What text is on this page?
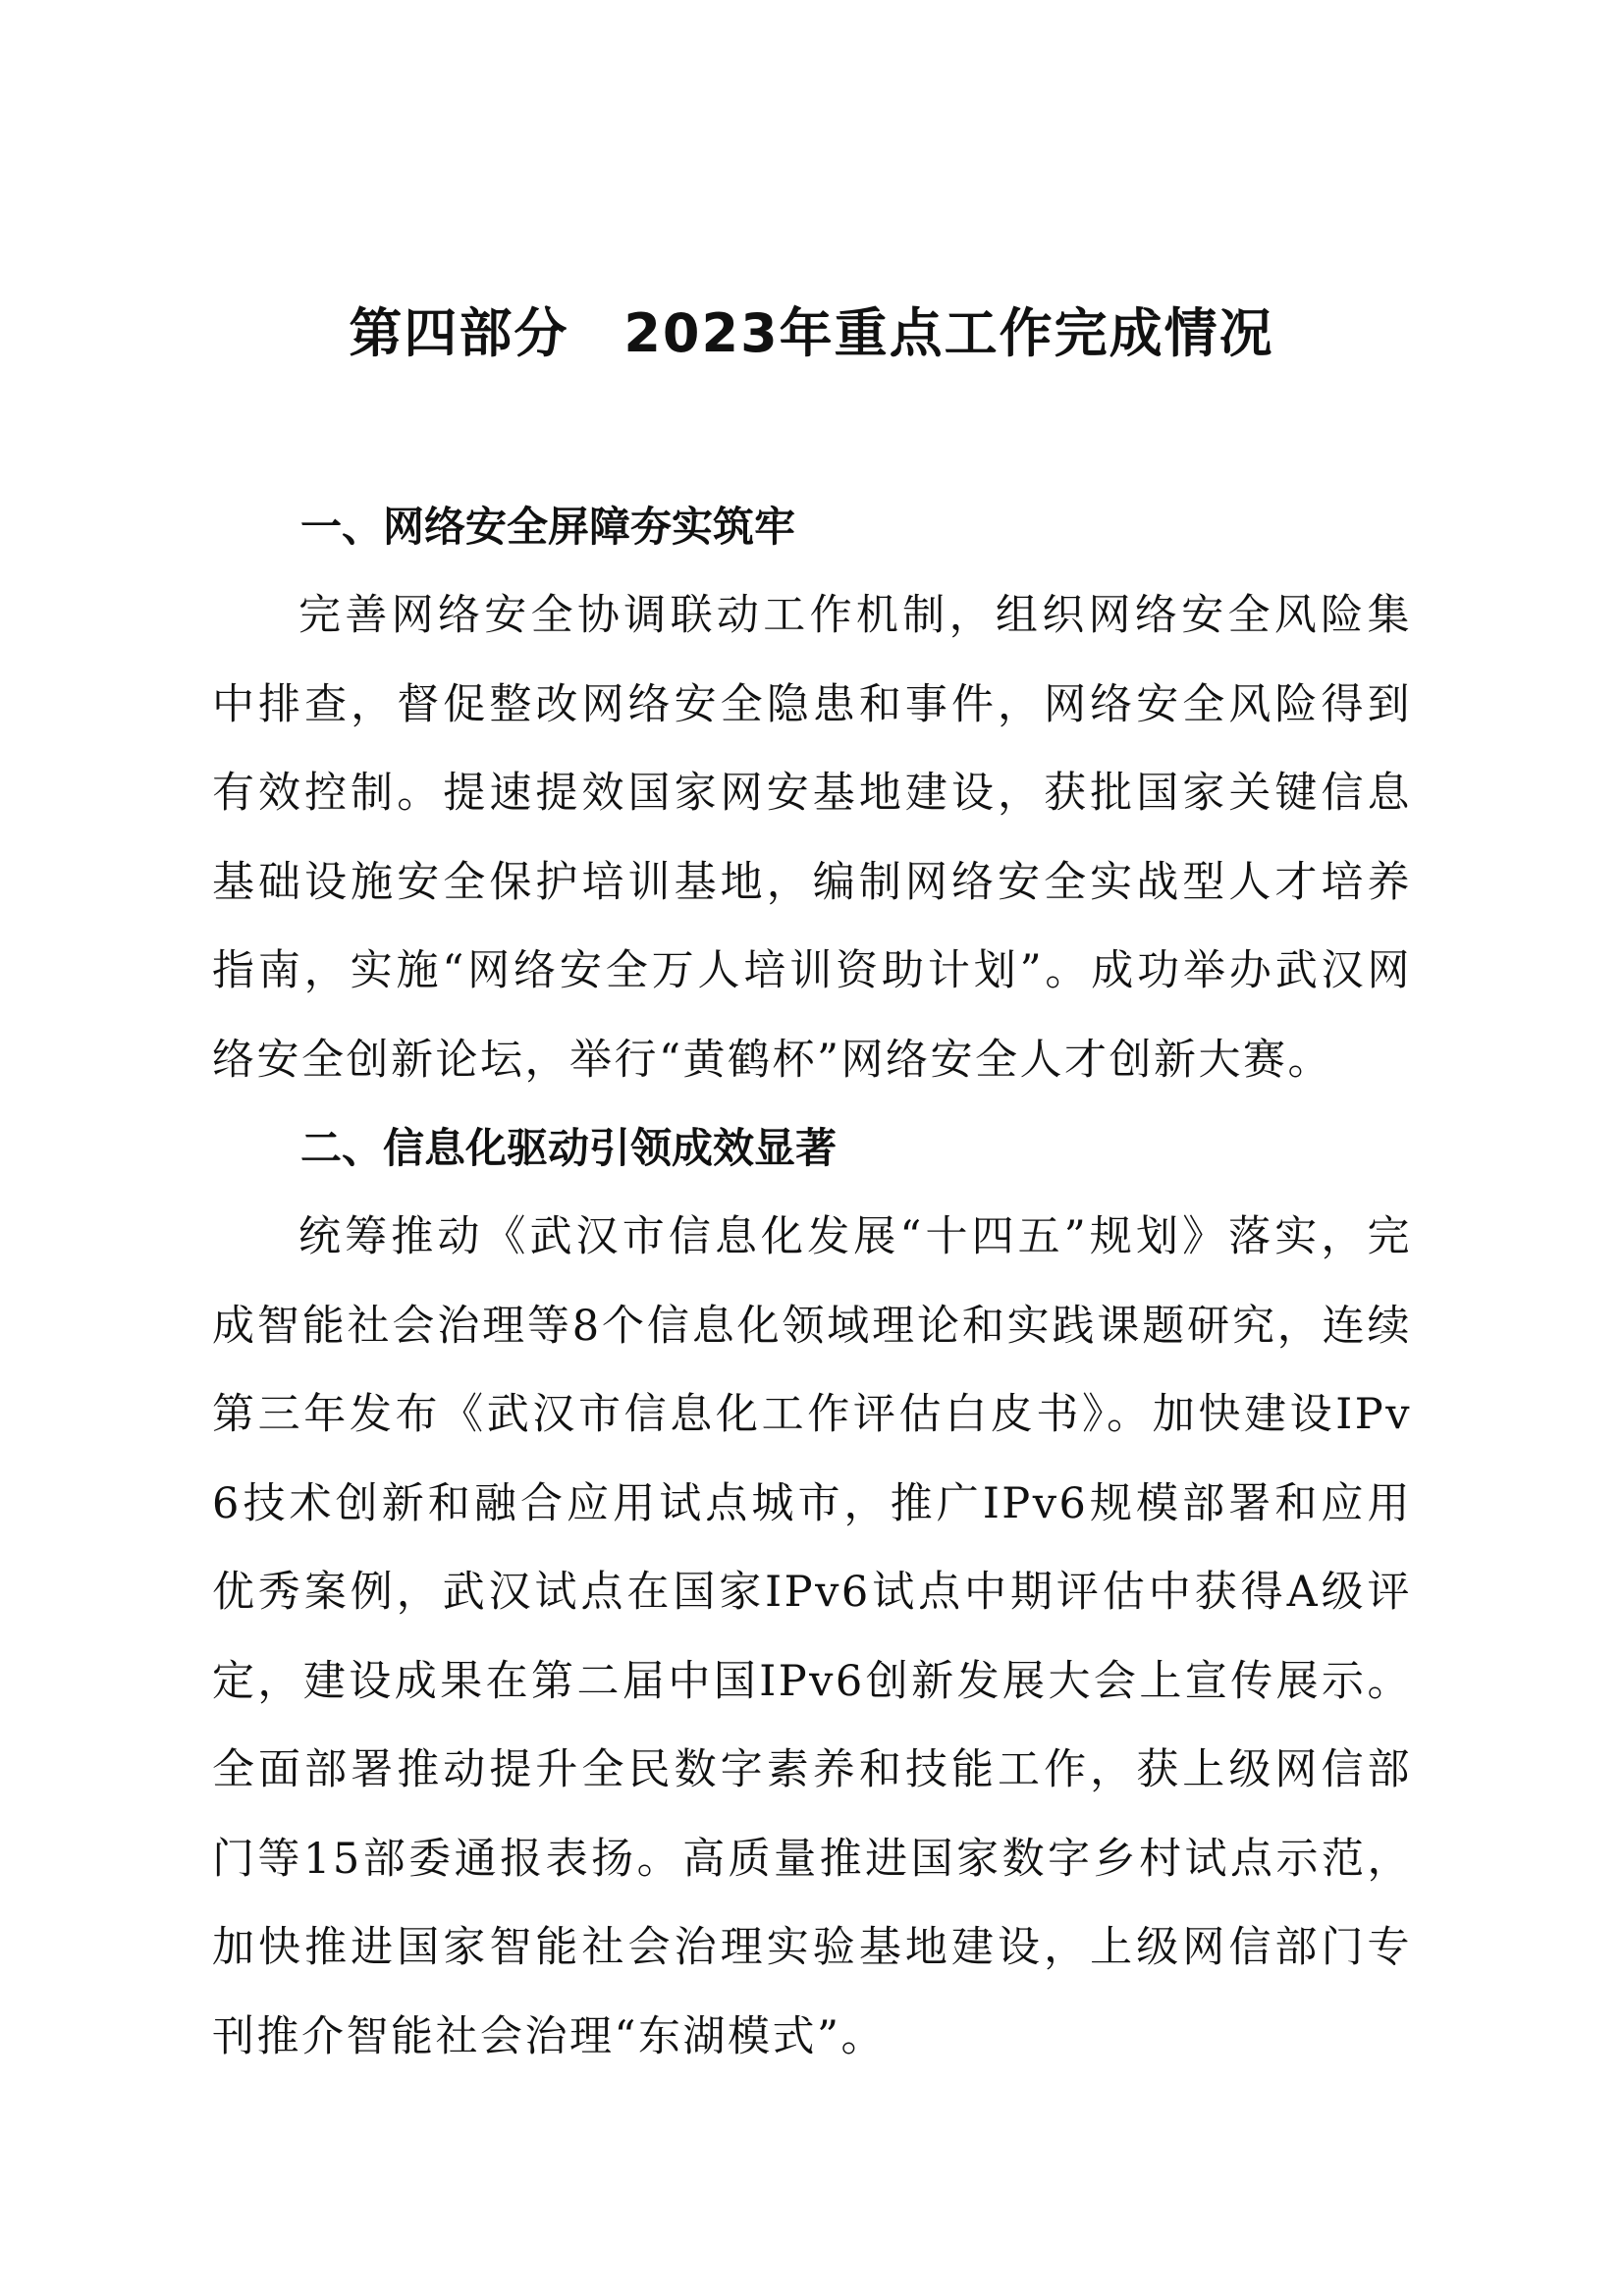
第四部分　2023年重点工作完成情况

一、网络安全屏障夯实筑牢

完善网络安全协调联动工作机制，组织网络安全风险集中排查，督促整改网络安全隐患和事件，网络安全风险得到有效控制。提速提效国家网安基地建设，获批国家关键信息基础设施安全保护培训基地，编制网络安全实战型人才培养指南，实施“网络安全万人培训资助计划”。成功举办武汉网络安全创新论坛，举行“黄鹤杯”网络安全人才创新大赛。

二、信息化驱动引领成效显著

统筹推动《武汉市信息化发展“十四五”规划》落实，完成智能社会治理等8个信息化领域理论和实践课题研究，连续第三年发布《武汉市信息化工作评估白皮书》。加快建设IPv6技术创新和融合应用试点城市，推广IPv6规模部署和应用优秀案例，武汉试点在国家IPv6试点中期评估中获得A级评定，建设成果在第二届中国IPv6创新发展大会上宣传展示。全面部署推动提升全民数字素养和技能工作，获上级网信部门等15部委通报表扬。高质量推进国家数字乡村试点示范，加快推进国家智能社会治理实验基地建设，上级网信部门专刊推介智能社会治理“东湖模式”。
